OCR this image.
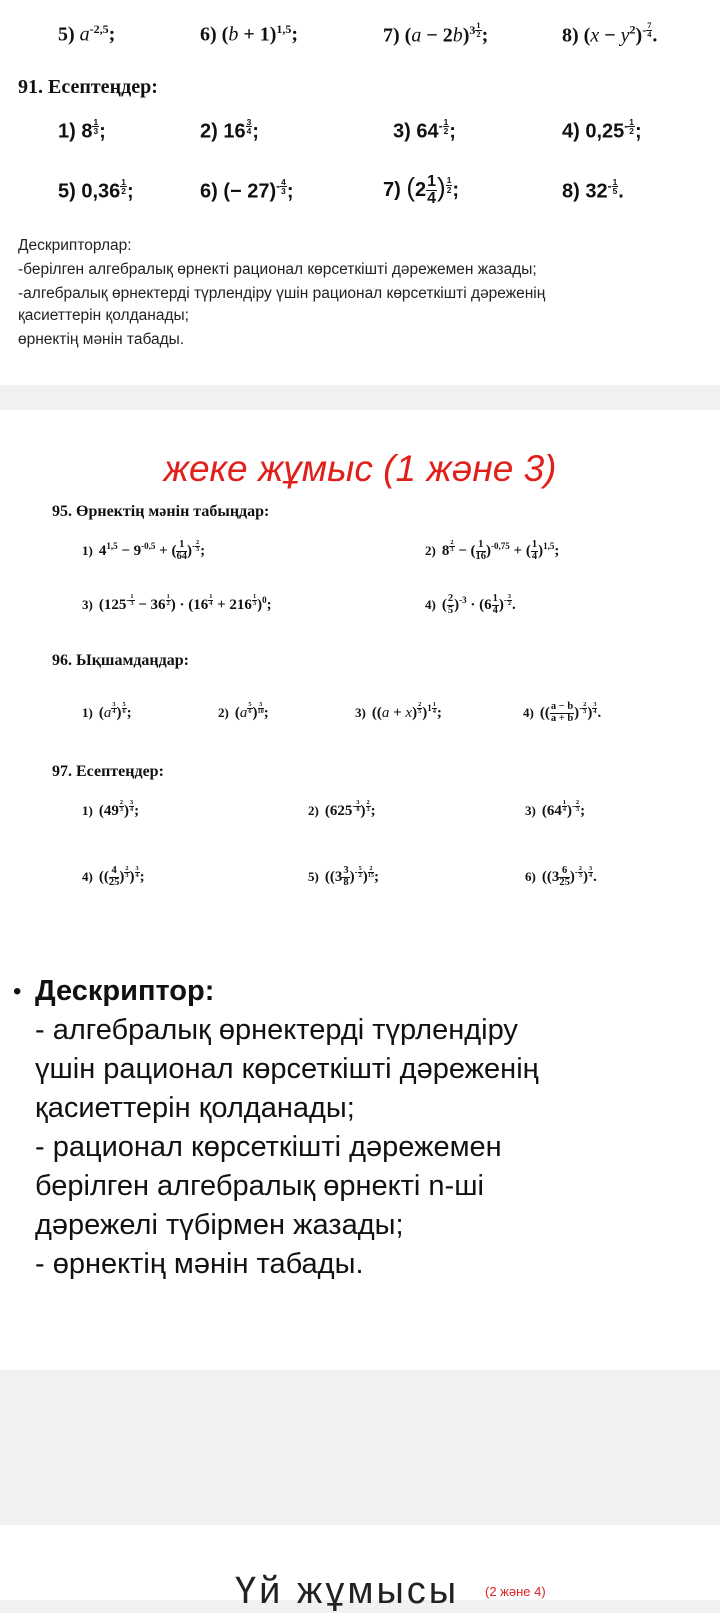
5) $a^{-2,5}$;	6) $(b + 1)^{1,5}$;	7) $(a - 2b)^{3 \frac{1}{2}}$ ;	8) $(x - y^2)^{- \frac{7}{4}}$ .
91. Есептеңдер:
1) 8 $^{\frac{1}{3}}$ ;	2) 16 $^{\frac{3}{4}}$ ;	3) $64^{- \frac{1}{2}}$ ;	4) $0,25^{- \frac{1}{2}}$ ;
5) 0,36 $^{\frac{1}{2}}$ ;	6) (− 27)$^{- \frac{4}{3}}$ ;	7) ($2 \frac{1}{4}$ ) $^{\frac{1}{2}}$ ;	8) $32^{- \frac{1}{5}}$ .
Дескрипторлар:
-берілген алгебралық өрнекті рационал көрсеткішті дәрежемен жазады;
-алгебралық өрнектерді түрлендіру үшін рационал көрсеткішті дәреженің
қасиеттерін қолданады;
өрнектің мәнін табады.
жеке жұмыс (1 және 3)
95. Өрнектің мәнін табыңдар:
1) $4^{1,5} - 9^{-0,5}$ + ( $\frac{1}{64} )^{- \frac{2}{3}}$ ;	2) 8 $^{\frac{2}{3}}$ − ( $\frac{1}{16} )^{-0,75}$ + ( $\frac{1}{4} )^{1,5}$;
3) ($125^{- \frac{1}{3}} - 36$ $^{\frac{1}{2}}$ ) · (16 $^{\frac{1}{4}}$ + 216 $^{\frac{1}{3}}$ )$^0$;	4) ( $\frac{2}{5} )^{-3} \cdot (6 \frac{1}{4} )^{- \frac{3}{2}}$ .
96. Ықшамдаңдар:
1) (a $^{\frac{3}{4}}$ ) $^{\frac{5}{6}}$ ;	2) (a $^{\frac{5}{6}}$ ) $^{\frac{3}{10}}$ ;	3) ((a + x) $^{\frac{2}{5}}$ )$^{1 \frac{1}{4}}$ ;	4) (( $\frac{a - b}{a + b} )^{- \frac{2}{3}}$ ) $^{\frac{3}{4}}$ .
97. Есептеңдер:
1) (49 $^{\frac{2}{3}}$ ) $^{\frac{3}{4}}$ ;	2) ($625^{- \frac{3}{8}}$ ) $^{\frac{2}{3}}$ ;	3) (64 $^{\frac{1}{4}}$ )$^{- \frac{2}{3}}$ ;
4) (( $\frac{4}{25}$ ) $^{\frac{2}{3}}$ ) $^{\frac{3}{4}}$ ;	5) ($(3 \frac{3}{8} )^{- \frac{5}{2}}$ ) $^{\frac{2}{15}}$ ;	6) ($(3 \frac{6}{25} )^{- \frac{2}{3}}$ ) $^{\frac{3}{4}}$ .
• Дескриптор:
- алгебралық өрнектерді түрлендіру
үшін рационал көрсеткішті дәреженің
қасиеттерін қолданады;
- рационал көрсеткішті дәрежемен
берілген алгебралық өрнекті n-ші
дәрежелі түбірмен жазады;
- өрнектің мәнін табады.
Үй жұмысы (2 және 4)
